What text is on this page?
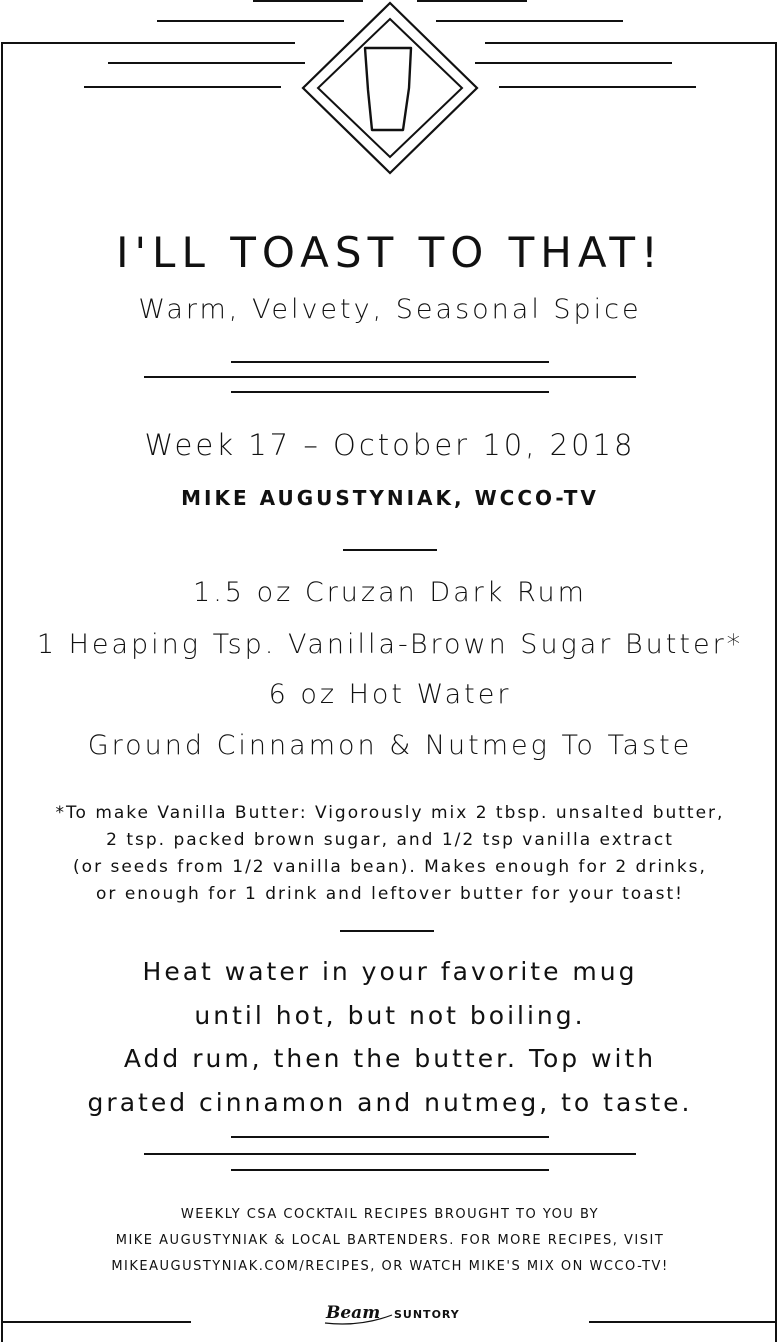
I'LL TOAST TO THAT!
Warm, Velvety, Seasonal Spice
Week 17 – October 10, 2018
MIKE AUGUSTYNIAK, WCCO-TV
1.5 oz Cruzan Dark Rum
1 Heaping Tsp. Vanilla-Brown Sugar Butter*
6 oz Hot Water
Ground Cinnamon & Nutmeg To Taste
*To make Vanilla Butter: Vigorously mix 2 tbsp. unsalted butter,
2 tsp. packed brown sugar, and 1/2 tsp vanilla extract
(or seeds from 1/2 vanilla bean). Makes enough for 2 drinks,
or enough for 1 drink and leftover butter for your toast!
Heat water in your favorite mug
until hot, but not boiling.
Add rum, then the butter. Top with
grated cinnamon and nutmeg, to taste.
WEEKLY CSA COCKTAIL RECIPES BROUGHT TO YOU BY
MIKE AUGUSTYNIAK & LOCAL BARTENDERS. FOR MORE RECIPES, VISIT
MIKEAUGUSTYNIAK.COM/RECIPES, OR WATCH MIKE'S MIX ON WCCO-TV!
Beam SUNTORY
